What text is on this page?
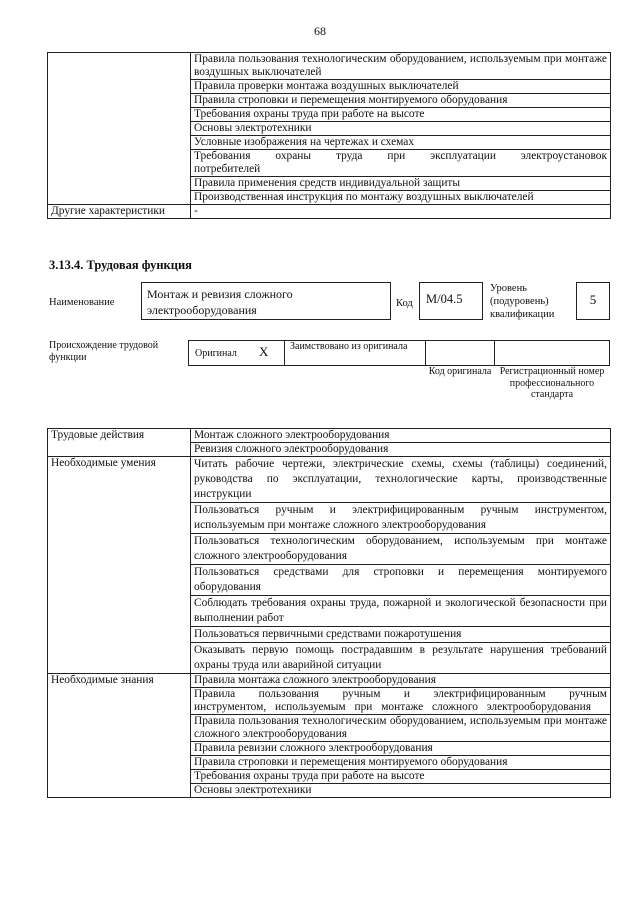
68
	Правила пользования технологическим оборудованием, используемым при монтаже воздушных выключателей
	Правила проверки монтажа воздушных выключателей
	Правила строповки и перемещения монтируемого оборудования
	Требования охраны труда при работе на высоте
	Основы электротехники
	Условные изображения на чертежах и схемах
	Требования охраны труда при эксплуатации электроустановок потребителей
	Правила применения средств индивидуальной защиты
	Производственная инструкция по монтажу воздушных выключателей
Другие характеристики	-
3.13.4. Трудовая функция
Наименование
Монтаж и ревизия сложного электрооборудования	Код	М/04.5
Уровень (подуровень) квалификации
5
Происхождение трудовой функции	Оригинал Х	Заимствовано из оригинала
Код оригинала Регистрационный номер профессионального стандарта
Трудовые действия	Монтаж сложного электрооборудования
	Ревизия сложного электрооборудования
Необходимые умения	Читать рабочие чертежи, электрические схемы, схемы (таблицы) соединений, руководства по эксплуатации, технологические карты, производственные инструкции
	Пользоваться ручным и электрифицированным ручным инструментом, используемым при монтаже сложного электрооборудования
	Пользоваться технологическим оборудованием, используемым при монтаже сложного электрооборудования
	Пользоваться средствами для строповки и перемещения монтируемого оборудования
	Соблюдать требования охраны труда, пожарной и экологической безопасности при выполнении работ
	Пользоваться первичными средствами пожаротушения
	Оказывать первую помощь пострадавшим в результате нарушения требований охраны труда или аварийной ситуации
Необходимые знания	Правила монтажа сложного электрооборудования
	Правила пользования ручным и электрифицированным ручным инструментом, используемым при монтаже сложного электрооборудования
	Правила пользования технологическим оборудованием, используемым при монтаже сложного электрооборудования
	Правила ревизии сложного электрооборудования
	Правила строповки и перемещения монтируемого оборудования
	Требования охраны труда при работе на высоте
	Основы электротехники
